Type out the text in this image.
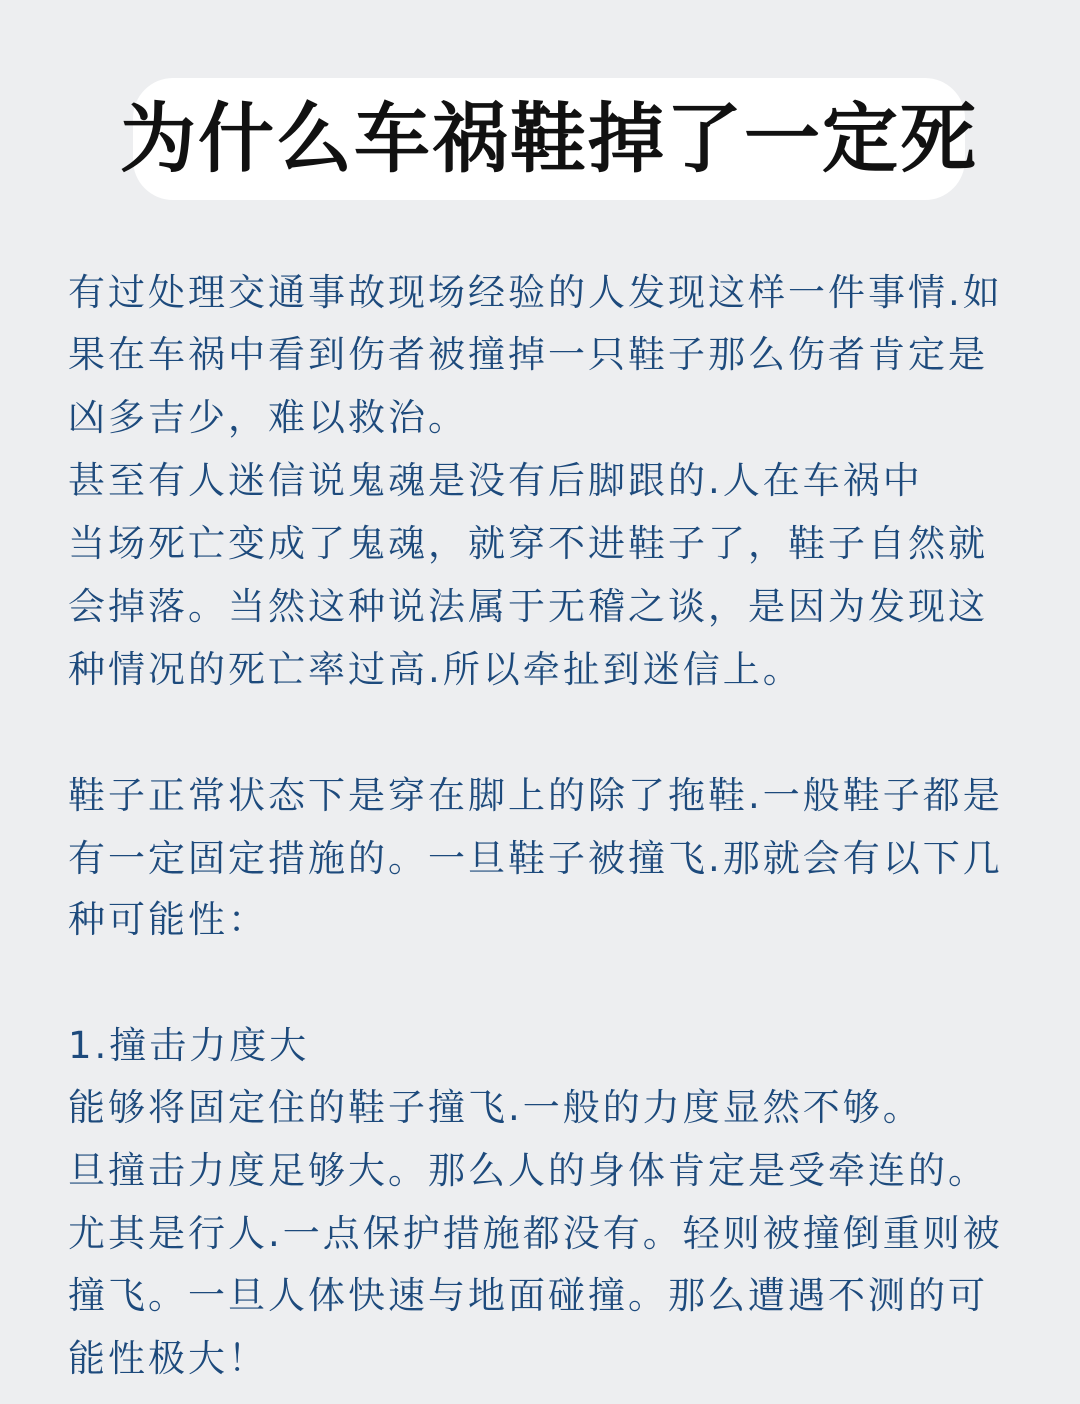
为什么车祸鞋掉了一定死

有过处理交通事故现场经验的人发现这样一件事情.如

果在车祸中看到伤者被撞掉一只鞋子那么伤者肯定是

凶多吉少，难以救治。

甚至有人迷信说鬼魂是没有后脚跟的.人在车祸中

当场死亡变成了鬼魂，就穿不进鞋子了，鞋子自然就

会掉落。当然这种说法属于无稽之谈，是因为发现这

种情况的死亡率过高.所以牵扯到迷信上。

鞋子正常状态下是穿在脚上的除了拖鞋.一般鞋子都是

有一定固定措施的。一旦鞋子被撞飞.那就会有以下几

种可能性：

1.撞击力度大

能够将固定住的鞋子撞飞.一般的力度显然不够。

旦撞击力度足够大。那么人的身体肯定是受牵连的。

尤其是行人.一点保护措施都没有。轻则被撞倒重则被

撞飞。一旦人体快速与地面碰撞。那么遭遇不测的可

能性极大！
